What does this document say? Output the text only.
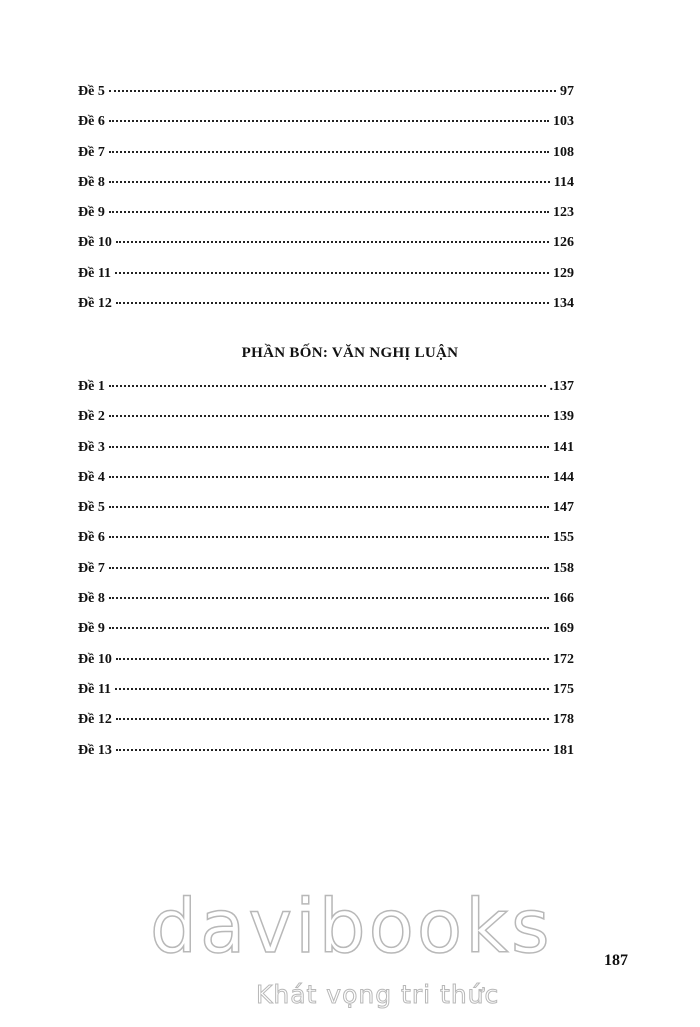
Đề 5	97
Đề 6	103
Đề 7	108
Đề 8	114
Đề 9	123
Đề 10	126
Đề 11	129
Đề 12	134
PHẦN BỐN: VĂN NGHỊ LUẬN
Đề 1	.137
Đề 2	139
Đề 3	141
Đề 4	144
Đề 5	147
Đề 6	155
Đề 7	158
Đề 8	166
Đề 9	169
Đề 10	172
Đề 11	175
Đề 12	178
Đề 13	181
davibooks
Khát vọng tri thức
187
